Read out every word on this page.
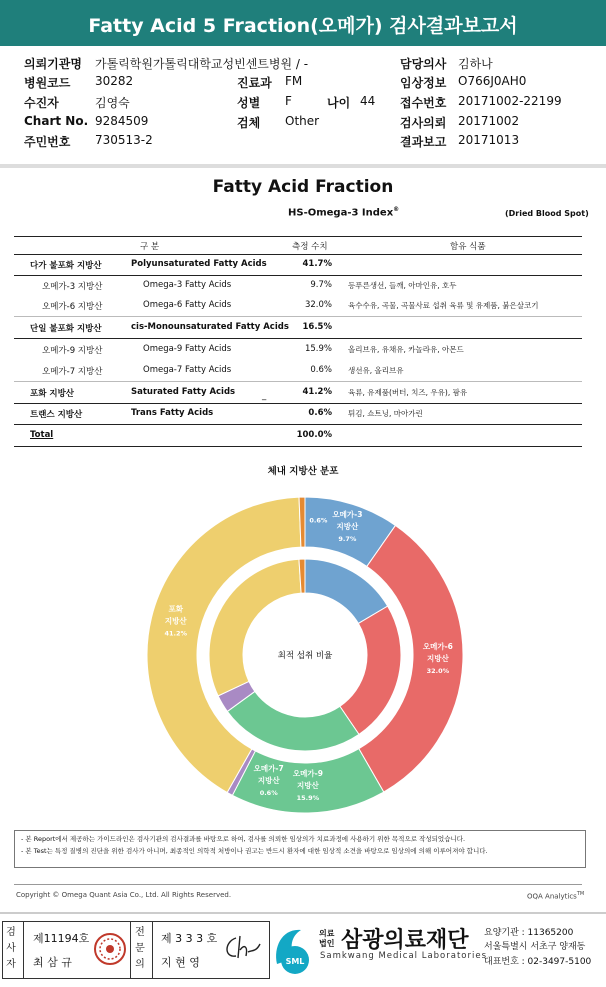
Fatty Acid 5 Fraction(오메가) 검사결과보고서
의뢰기관명 가톨릭학원가톨릭대학교성빈센트병원 / -	담당의사 김하나
병원코드 30282	진료과 FM	임상정보 O766J0AH0
수진자	김영숙	성별 F	나이 44 접수번호 20171002-22199
Chart No. 9284509	검체 Other	검사의뢰 20171002
주민번호 730513-2	결과보고 20171013
Fatty Acid Fraction
HS-Omega-3 Index®	(Dried Blood Spot)
구 분	측정 수치	함유 식품
다가 불포화 지방산	Polyunsaturated Fatty Acids	41.7%
오메가-3 지방산	Omega-3 Fatty Acids	9.7% 등푸른생선, 들깨, 아마인유, 호두
오메가-6 지방산	Omega-6 Fatty Acids	32.0% 육수수유, 곡물, 곡물사료 섭취 육류 및 유제품, 붉은살코기
단일 불포화 지방산	cis-Monounsaturated Fatty Acids	16.5%
오메가-9 지방산	Omega-9 Fatty Acids	15.9% 올리브유, 유채유, 카놀라유, 아몬드
오메가-7 지방산	Omega-7 Fatty Acids	0.6% 생선유, 올리브유
포화 지방산	Saturated Fatty Acids	41.2% 육류, 유제품(버터, 치즈, 우유), 팜유
트랜스 지방산	Trans Fatty Acids	0.6% 튀김, 쇼트닝, 마아가린
Total	100.0%
_
체내 지방산 분포
최적 섭취 비율
오메가-3
지방산
9.7%
오메가-6
지방산
32.0%
오메가-9
지방산
15.9%
오메가-7
지방산
0.6%
포화
지방산
41.2%
0.6%
- 본 Report에서 제공하는 가이드라인은 검사기관의 검사결과를 바탕으로 하여, 검사를 의뢰한 임상의가 치료과정에 사용하기 위한 목적으로 작성되었습니다.
- 본 Test는 특정 질병의 진단을 위한 검사가 아니며, 최종적인 의학적 처방이나 권고는 반드시 환자에 대한 임상적 소견을 바탕으로 임상의에 의해 이루어져야 합니다.
Copyright © Omega Quant Asia Co., Ltd. All Rights Reserved.	OQA Analytics™
검사자
제11194호
최 삼 규
전문의
제 3 3 3 호
지 현 영	SML
의료
법인 삼광의료재단
Samkwang Medical Laboratories
요양기관 : 11365200
서울특별시 서초구 양재동
대표번호 : 02-3497-5100
